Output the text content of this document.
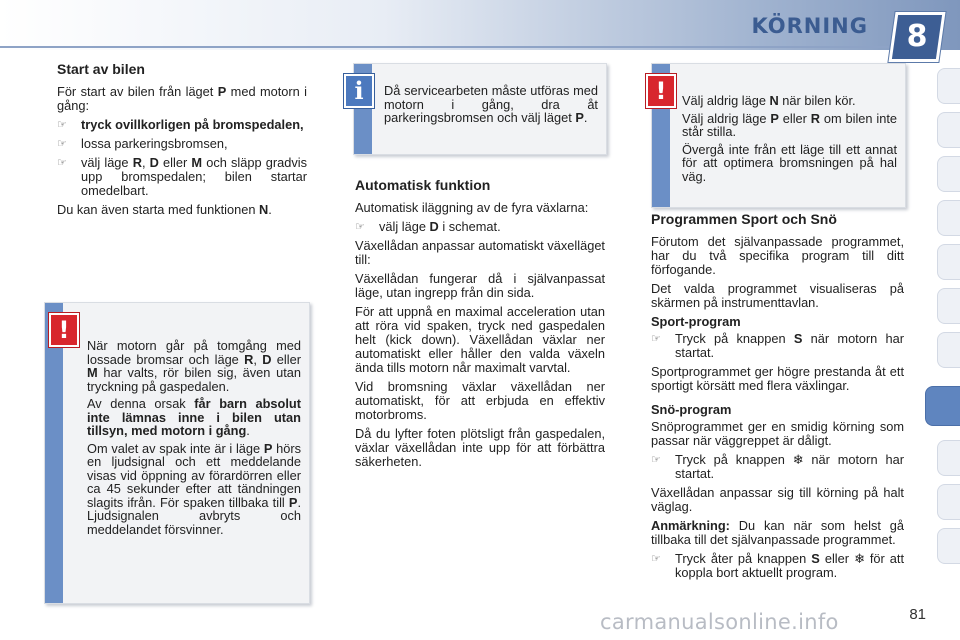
KÖRNING	8
Start av bilen

För start av bilen från läget P med motorn i gång:

☞	tryck ovillkorligen på bromspedalen,
☞	lossa parkeringsbromsen,
☞	välj läge R, D eller M och släpp gradvis upp bromspedalen; bilen startar omedelbart.

Du kan även starta med funktionen N.

!

När motorn går på tomgång med lossade bromsar och läge R, D eller M har valts, rör bilen sig, även utan tryckning på gaspedalen.

Av denna orsak får barn absolut inte lämnas inne i bilen utan tillsyn, med motorn i gång.

Om valet av spak inte är i läge P hörs en ljudsignal och ett meddelande visas vid öppning av förardörren eller ca 45 sekunder efter att tändningen slagits ifrån. För spaken tillbaka till P. Ljudsignalen avbryts och meddelandet försvinner.

i	Då servicearbeten måste utföras med motorn i gång, dra åt parkeringsbromsen och välj läget P.

Automatisk funktion

Automatisk iläggning av de fyra växlarna:

☞	välj läge D i schemat.

Växellådan anpassar automatiskt växelläget till:

Växellådan fungerar då i självanpassat läge, utan ingrepp från din sida.

För att uppnå en maximal acceleration utan att röra vid spaken, tryck ned gaspedalen helt (kick down). Växellådan växlar ner automatiskt eller håller den valda växeln ända tills motorn når maximalt varvtal.

Vid bromsning växlar växellådan ner automatiskt, för att erbjuda en effektiv motorbroms.

Då du lyfter foten plötsligt från gaspedalen, växlar växellådan inte upp för att förbättra säkerheten.

!	Välj aldrig läge N när bilen kör.

Välj aldrig läge P eller R om bilen inte står stilla.

Övergå inte från ett läge till ett annat för att optimera bromsningen på hal väg.

Programmen Sport och Snö

Förutom det självanpassade programmet, har du två specifika program till ditt förfogande.

Det valda programmet visualiseras på skärmen på instrumenttavlan.

Sport-program
☞	Tryck på knappen S när motorn har startat.

Sportprogrammet ger högre prestanda åt ett sportigt körsätt med flera växlingar.

Snö-program

Snöprogrammet ger en smidig körning som passar när väggreppet är dåligt.

☞	Tryck på knappen ❄ när motorn har startat.

Växellådan anpassar sig till körning på halt väglag.

Anmärkning: Du kan när som helst gå tillbaka till det självanpassade programmet.

☞	Tryck åter på knappen S eller ❄ för att koppla bort aktuellt program.
81
carmanualsonline.info
